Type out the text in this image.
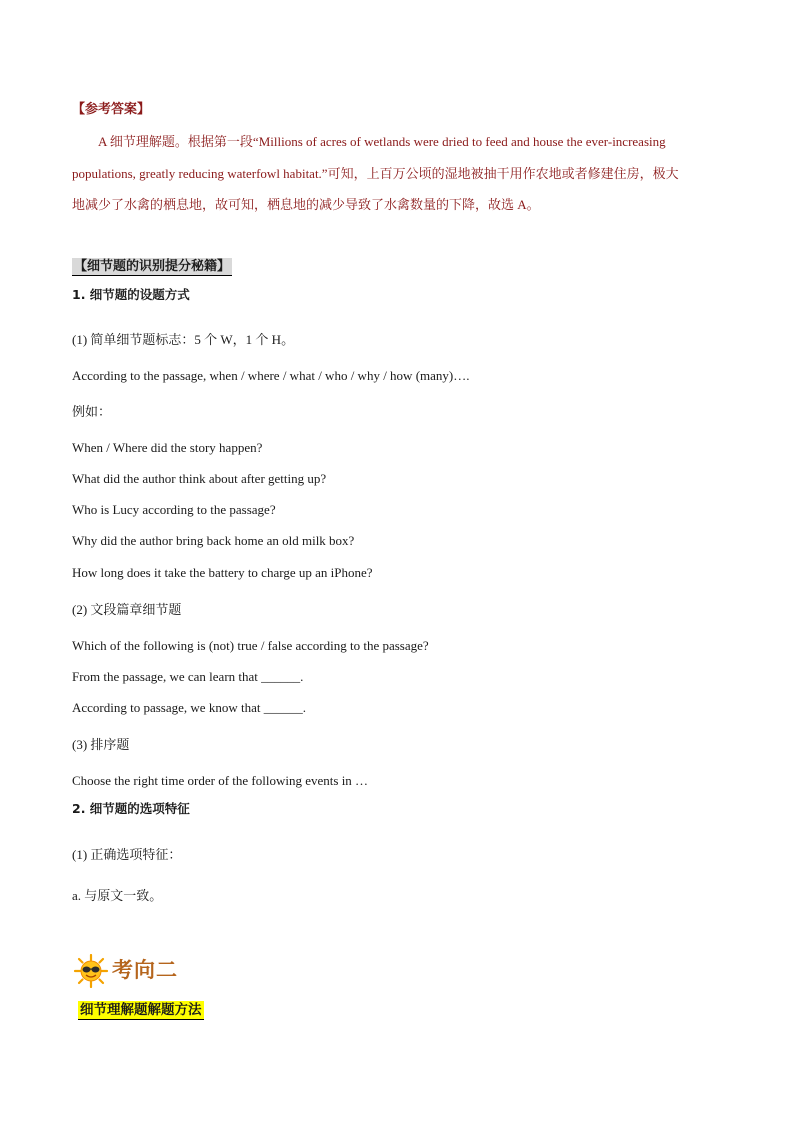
【参考答案】

A 细节理解题。根据第一段“Millions of acres of wetlands were dried to feed and house the ever-increasing

populations, greatly reducing waterfowl habitat.”可知，上百万公顷的湿地被抽干用作农地或者修建住房，极大

地减少了水禽的栖息地，故可知，栖息地的减少导致了水禽数量的下降，故选 A。

【细节题的识别提分秘籍】
1. 细节题的设题方式
(1) 简单细节题标志：5 个 W，1 个 H。
According to the passage, when / where / what / who / why / how (many)….
例如：
When / Where did the story happen?
What did the author think about after getting up?
Who is Lucy according to the passage?
Why did the author bring back home an old milk box?
How long does it take the battery to charge up an iPhone?
(2) 文段篇章细节题
Which of the following is (not) true / false according to the passage?
From the passage, we can learn that ______.
According to passage, we know that ______.
(3) 排序题
Choose the right time order of the following events in …
2. 细节题的选项特征
(1) 正确选项特征：
a. 与原文一致。
考向二
细节理解题解题方法
